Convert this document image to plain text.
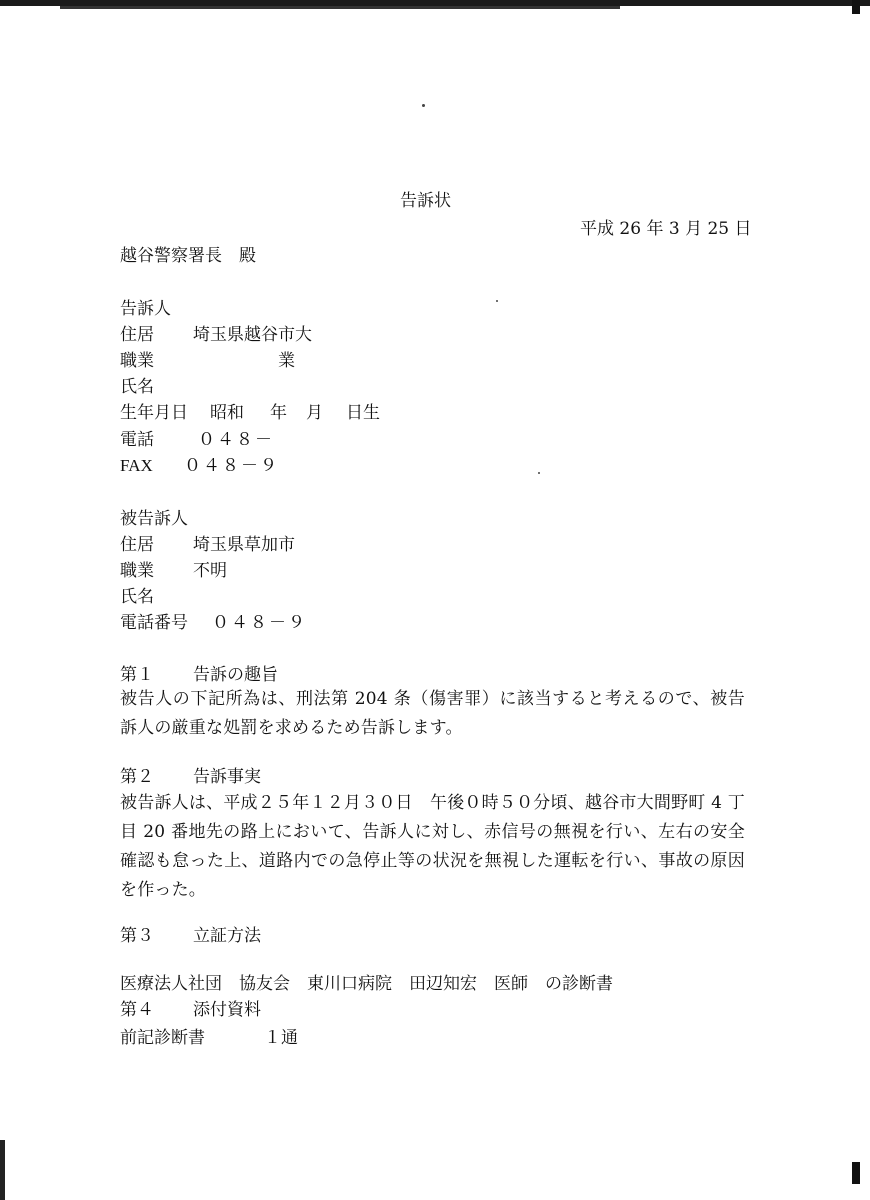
告訴状
平成 26 年 3 月 25 日
越谷警察署長　殿
告訴人
住居 埼玉県越谷市大
職業	業
氏名
生年月日 昭和 年 月 日生
電話	０４８－
FAX ０４８－９
被告訴人
住居 埼玉県草加市
職業 不明
氏名
電話番号 ０４８－９
第１ 告訴の趣旨
被告人の下記所為は、刑法第 204 条（傷害罪）に該当すると考えるので、被告訴人の厳重な処罰を求めるため告訴します。
第２ 告訴事実
被告訴人は、平成２５年１２月３０日　午後０時５０分頃、越谷市大間野町 4 丁目 20 番地先の路上において、告訴人に対し、赤信号の無視を行い、左右の安全確認も怠った上、道路内での急停止等の状況を無視した運転を行い、事故の原因を作った。
第３ 立証方法
医療法人社団　協友会　東川口病院　田辺知宏　医師　の診断書
第４ 添付資料
前記診断書	１通
